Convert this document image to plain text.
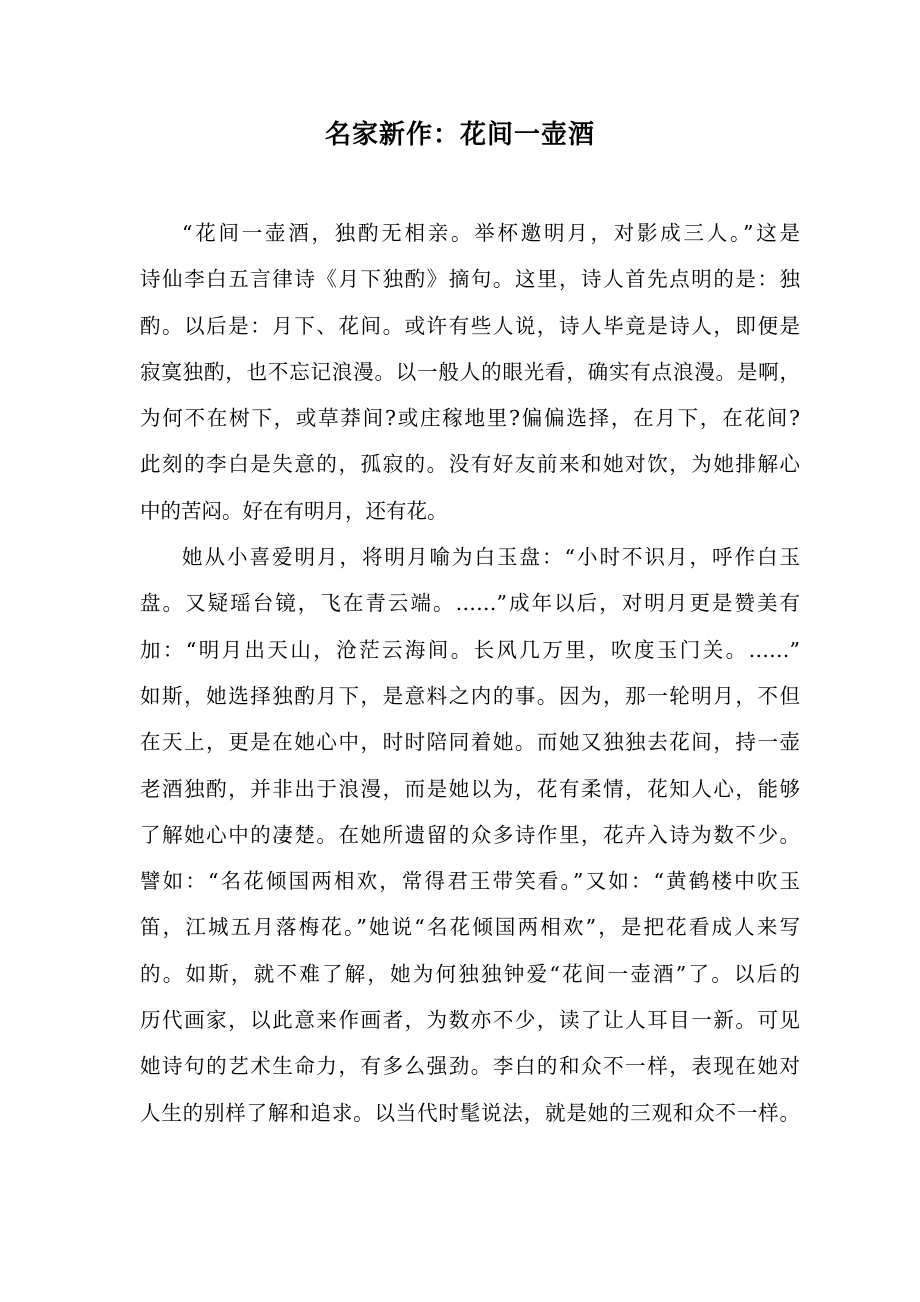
名家新作：花间一壶酒
“花间一壶酒，独酌无相亲。举杯邀明月，对影成三人。”这是
诗仙李白五言律诗《月下独酌》摘句。这里，诗人首先点明的是：独
酌。以后是：月下、花间。或许有些人说，诗人毕竟是诗人，即便是
寂寞独酌，也不忘记浪漫。以一般人的眼光看，确实有点浪漫。是啊，
为何不在树下，或草莽间?或庄稼地里?偏偏选择，在月下，在花间?
此刻的李白是失意的，孤寂的。没有好友前来和她对饮，为她排解心
中的苦闷。好在有明月，还有花。
她从小喜爱明月，将明月喻为白玉盘：“小时不识月，呼作白玉
盘。又疑瑶台镜，飞在青云端。……”成年以后，对明月更是赞美有
加：“明月出天山，沧茫云海间。长风几万里，吹度玉门关。……”
如斯，她选择独酌月下，是意料之内的事。因为，那一轮明月，不但
在天上，更是在她心中，时时陪同着她。而她又独独去花间，持一壶
老酒独酌，并非出于浪漫，而是她以为，花有柔情，花知人心，能够
了解她心中的凄楚。在她所遗留的众多诗作里，花卉入诗为数不少。
譬如：“名花倾国两相欢，常得君王带笑看。”又如：“黄鹤楼中吹玉
笛，江城五月落梅花。”她说“名花倾国两相欢”，是把花看成人来写
的。如斯，就不难了解，她为何独独钟爱“花间一壶酒”了。以后的
历代画家，以此意来作画者，为数亦不少，读了让人耳目一新。可见
她诗句的艺术生命力，有多么强劲。李白的和众不一样，表现在她对
人生的别样了解和追求。以当代时髦说法，就是她的三观和众不一样。
